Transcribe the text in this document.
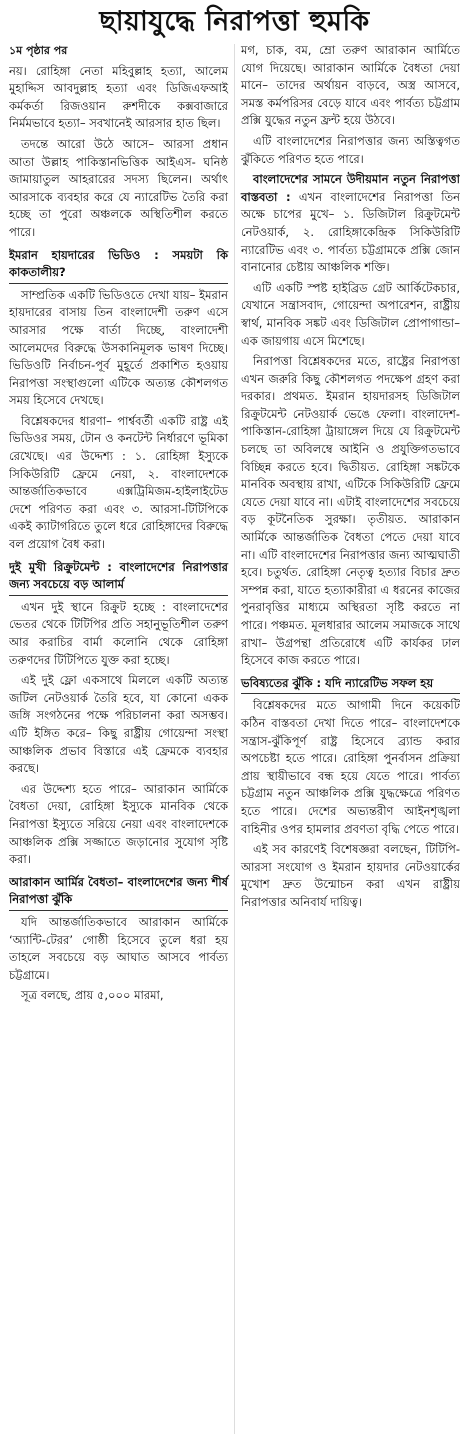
ছায়াযুদ্ধে নিরাপত্তা হুমকি

১ম পৃষ্ঠার পর

নয়। রোহিঙ্গা নেতা মহিবুল্লাহ হত্যা, আলেম মুহাদ্দিস আবদুল্লাহ হত্যা এবং ডিজিএফআই কর্মকর্তা রিজওয়ান রুশদীকে কক্সবাজারে নির্মমভাবে হত্যা– সবখানেই আরসার হাত ছিল।

তদন্তে আরো উঠে আসে– আরসা প্রধান আতা উল্লাহ পাকিস্তানভিত্তিক আইএস- ঘনিষ্ঠ জামায়াতুল আহরারের সদস্য ছিলেন। অর্থাৎ আরসাকে ব্যবহার করে যে ন্যারেটিভ তৈরি করা হচ্ছে তা পুরো অঞ্চলকে অস্থিতিশীল করতে পারে।

ইমরান হায়দারের ভিডিও : সময়টা কি কাকতালীয়?

সাম্প্রতিক একটি ভিডিওতে দেখা যায়– ইমরান হায়দারের বাসায় তিন বাংলাদেশী তরুণ এসে আরসার পক্ষে বার্তা দিচ্ছে, বাংলাদেশী আলেমদের বিরুদ্ধে উসকানিমূলক ভাষণ দিচ্ছে। ভিডিওটি নির্বাচন-পূর্ব মুহূর্তে প্রকাশিত হওয়ায় নিরাপত্তা সংস্থাগুলো এটিকে অত্যন্ত কৌশলগত সময় হিসেবে দেখছে।

বিশ্লেষকদের ধারণা– পার্শ্ববর্তী একটি রাষ্ট্র এই ভিডিওর সময়, টোন ও কনটেন্ট নির্ধারণে ভূমিকা রেখেছে। এর উদ্দেশ্য : ১. রোহিঙ্গা ইস্যুকে সিকিউরিটি ফ্রেমে নেয়া, ২. বাংলাদেশকে আন্তর্জাতিকভাবে এক্সট্রিমিজম-হাইলাইটেড দেশে পরিণত করা এবং ৩. আরসা-টিটিপিকে একই ক্যাটাগরিতে তুলে ধরে রোহিঙ্গাদের বিরুদ্ধে বল প্রয়োগ বৈধ করা।

দুই মুখী রিক্রুটমেন্ট : বাংলাদেশের নিরাপত্তার জন্য সবচেয়ে বড় আলার্ম

এখন দুই স্থানে রিক্রুট হচ্ছে : বাংলাদেশের ভেতর থেকে টিটিপির প্রতি সহানুভূতিশীল তরুণ আর করাচির বার্মা কলোনি থেকে রোহিঙ্গা তরুণদের টিটিপিতে যুক্ত করা হচ্ছে।

এই দুই ফ্লো একসাথে মিললে একটি অত্যন্ত জটিল নেটওয়ার্ক তৈরি হবে, যা কোনো একক জঙ্গি সংগঠনের পক্ষে পরিচালনা করা অসম্ভব। এটি ইঙ্গিত করে– কিছু রাষ্ট্রীয় গোয়েন্দা সংস্থা আঞ্চলিক প্রভাব বিস্তারে এই ফ্রেমকে ব্যবহার করছে।

এর উদ্দেশ্য হতে পারে– আরাকান আর্মিকে বৈধতা দেয়া, রোহিঙ্গা ইস্যুকে মানবিক থেকে নিরাপত্তা ইস্যুতে সরিয়ে নেয়া এবং বাংলাদেশকে আঞ্চলিক প্রক্সি সজ্জাতে জড়ানোর সুযোগ সৃষ্টি করা।

আরাকান আর্মির বৈধতা– বাংলাদেশের জন্য শীর্ষ নিরাপত্তা ঝুঁকি

যদি আন্তর্জাতিকভাবে আরাকান আর্মিকে ‘অ্যান্টি-টেরর’ গোষ্ঠী হিসেবে তুলে ধরা হয় তাহলে সবচেয়ে বড় আঘাত আসবে পার্বত্য চট্টগ্রামে।

সূত্র বলছে, প্রায় ৫,০০০ মারমা,

মগ, চাক, বম, ম্রো তরুণ আরাকান আর্মিতে যোগ দিয়েছে। আরাকান আর্মিকে বৈধতা দেয়া মানে– তাদের অর্থায়ন বাড়বে, অস্ত্র আসবে, সমস্ত কর্মপরিসর বেড়ে যাবে এবং পার্বত্য চট্টগ্রাম প্রক্সি যুদ্ধের নতুন ফ্রন্ট হয়ে উঠবে।

এটি বাংলাদেশের নিরাপত্তার জন্য অস্তিত্বগত ঝুঁকিতে পরিণত হতে পারে।

বাংলাদেশের সামনে উদীয়মান নতুন নিরাপত্তা বাস্তবতা : এখন বাংলাদেশের নিরাপত্তা তিন অক্ষে চাপের মুখে– ১. ডিজিটাল রিক্রুটমেন্ট নেটওয়ার্ক, ২. রোহিঙ্গাকেন্দ্রিক সিকিউরিটি ন্যারেটিভ এবং ৩. পার্বত্য চট্টগ্রামকে প্রক্সি জোন বানানোর চেষ্টায় আঞ্চলিক শক্তি।

এটি একটি স্পষ্ট হাইব্রিড গ্রেট আর্কিটেকচার, যেখানে সন্ত্রাসবাদ, গোয়েন্দা অপারেশন, রাষ্ট্রীয় স্বার্থ, মানবিক সঙ্কট এবং ডিজিটাল প্রোপাগান্ডা– এক জায়গায় এসে মিশেছে।

নিরাপত্তা বিশ্লেষকদের মতে, রাষ্ট্রের নিরাপত্তা এখন জরুরি কিছু কৌশলগত পদক্ষেপ গ্রহণ করা দরকার। প্রথমত. ইমরান হায়দারসহ ডিজিটাল রিক্রুটমেন্ট নেটওয়ার্ক ভেঙে ফেলা। বাংলাদেশ-পাকিস্তান-রোহিঙ্গা ট্রায়াঙ্গেল দিয়ে যে রিক্রুটমেন্ট চলছে তা অবিলম্বে আইনি ও প্রযুক্তিগতভাবে বিচ্ছিন্ন করতে হবে। দ্বিতীয়ত. রোহিঙ্গা সঙ্কটকে মানবিক অবস্থায় রাখা, এটিকে সিকিউরিটি ফ্রেমে যেতে দেয়া যাবে না। এটাই বাংলাদেশের সবচেয়ে বড় কূটনৈতিক সুরক্ষা। তৃতীয়ত. আরাকান আর্মিকে আন্তর্জাতিক বৈধতা পেতে দেয়া যাবে না। এটি বাংলাদেশের নিরাপত্তার জন্য আত্মঘাতী হবে। চতুর্থত. রোহিঙ্গা নেতৃত্ব হত্যার বিচার দ্রুত সম্পন্ন করা, যাতে হত্যাকারীরা এ ধরনের কাজের পুনরাবৃত্তির মাধ্যমে অস্থিরতা সৃষ্টি করতে না পারে। পঞ্চমত. মূলধারার আলেম সমাজকে সাথে রাখা– উগ্রপন্থা প্রতিরোধে এটি কার্যকর ঢাল হিসেবে কাজ করতে পারে।

ভবিষ্যতের ঝুঁকি : যদি ন্যারেটিভ সফল হয়

বিশ্লেষকদের মতে আগামী দিনে কয়েকটি কঠিন বাস্তবতা দেখা দিতে পারে– বাংলাদেশকে সন্ত্রাস-ঝুঁকিপূর্ণ রাষ্ট্র হিসেবে ব্র্যান্ড করার অপচেষ্টা হতে পারে। রোহিঙ্গা পুনর্বাসন প্রক্রিয়া প্রায় স্থায়ীভাবে বন্ধ হয়ে যেতে পারে। পার্বত্য চট্টগ্রাম নতুন আঞ্চলিক প্রক্সি যুদ্ধক্ষেত্রে পরিণত হতে পারে। দেশের অভ্যন্তরীণ আইনশৃঙ্খলা বাহিনীর ওপর হামলার প্রবণতা বৃদ্ধি পেতে পারে।

এই সব কারণেই বিশেষজ্ঞরা বলছেন, টিটিপি-আরসা সংযোগ ও ইমরান হায়দার নেটওয়ার্কের মুখোশ দ্রুত উন্মোচন করা এখন রাষ্ট্রীয় নিরাপত্তার অনিবার্য দায়িত্ব।
